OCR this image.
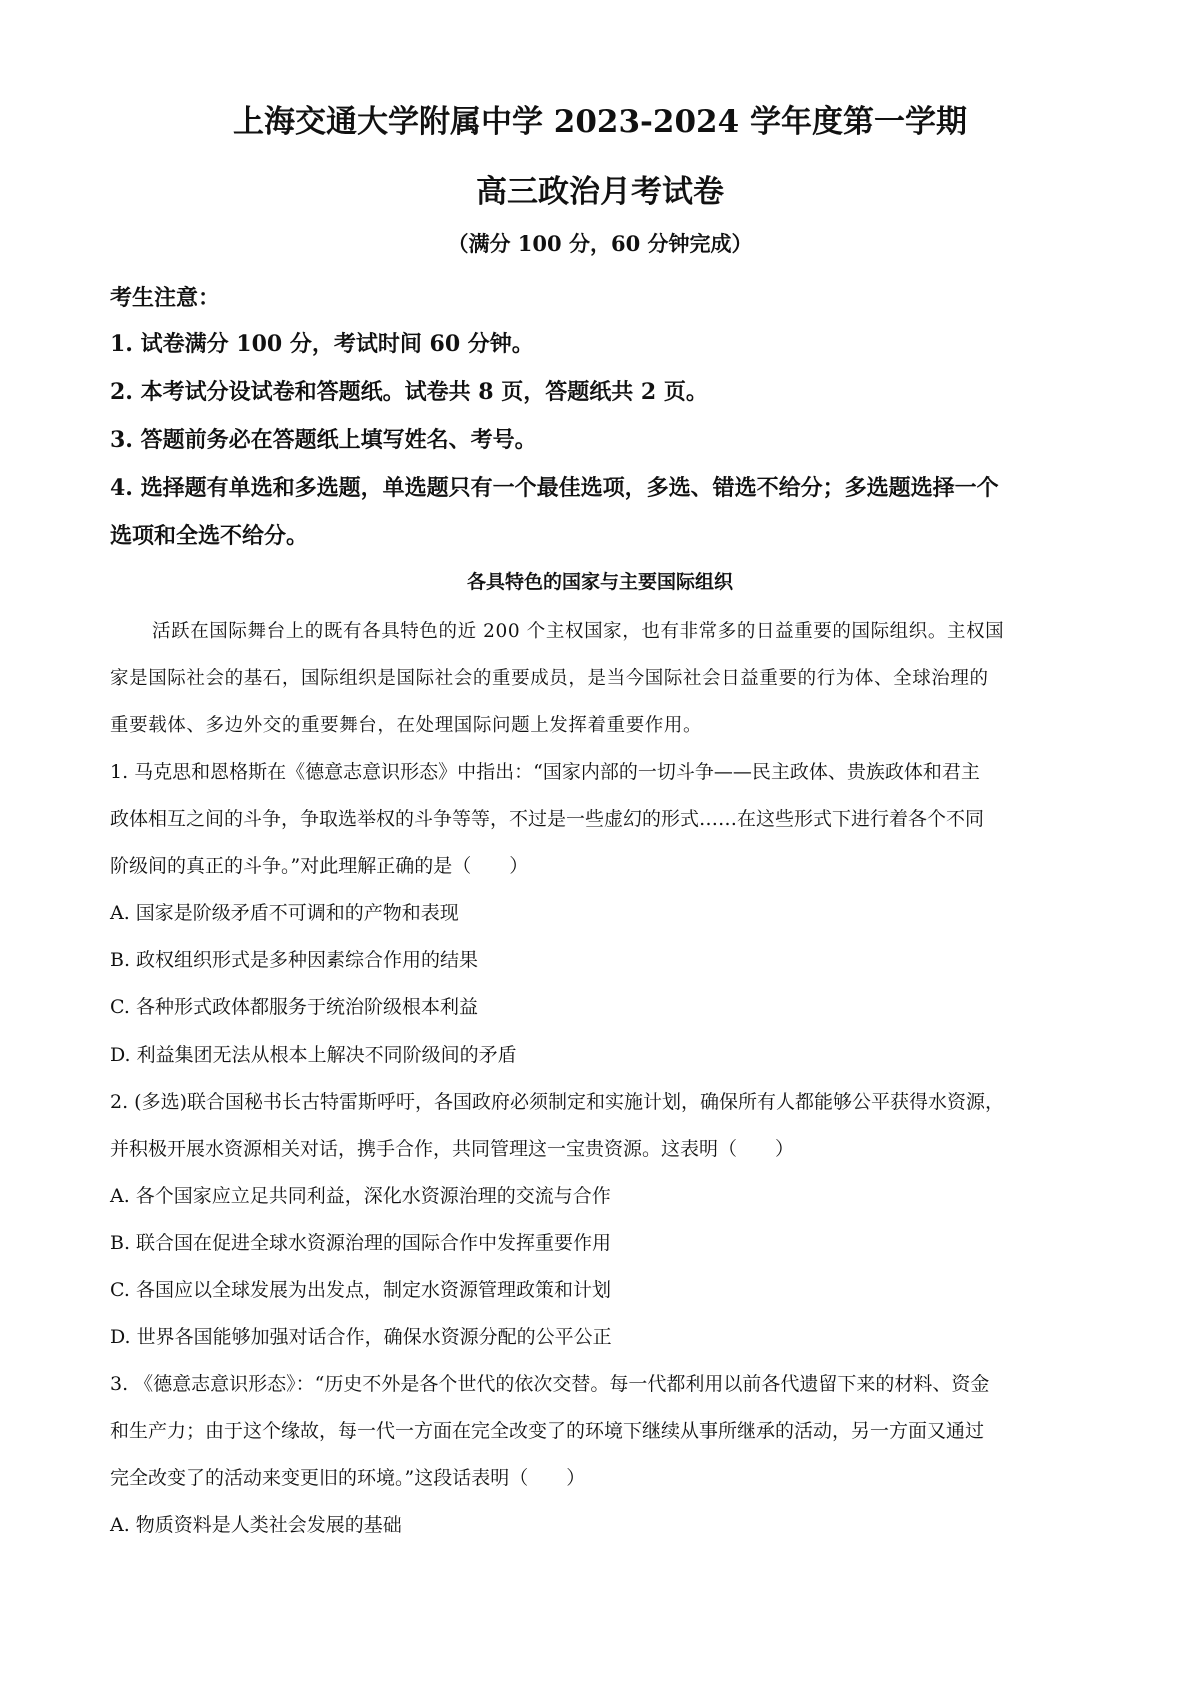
上海交通大学附属中学 2023-2024 学年度第一学期
高三政治月考试卷
（满分 100 分，60 分钟完成）
考生注意：
1. 试卷满分 100 分，考试时间 60 分钟。
2. 本考试分设试卷和答题纸。试卷共 8 页，答题纸共 2 页。
3. 答题前务必在答题纸上填写姓名、考号。
4. 选择题有单选和多选题，单选题只有一个最佳选项，多选、错选不给分；多选题选择一个
选项和全选不给分。
各具特色的国家与主要国际组织
活跃在国际舞台上的既有各具特色的近 200 个主权国家，也有非常多的日益重要的国际组织。主权国
家是国际社会的基石，国际组织是国际社会的重要成员，是当今国际社会日益重要的行为体、全球治理的
重要载体、多边外交的重要舞台，在处理国际问题上发挥着重要作用。
1. 马克思和恩格斯在《德意志意识形态》中指出：“国家内部的一切斗争——民主政体、贵族政体和君主
政体相互之间的斗争，争取选举权的斗争等等，不过是一些虚幻的形式……在这些形式下进行着各个不同
阶级间的真正的斗争。”对此理解正确的是（　　）
A. 国家是阶级矛盾不可调和的产物和表现
B. 政权组织形式是多种因素综合作用的结果
C. 各种形式政体都服务于统治阶级根本利益
D. 利益集团无法从根本上解决不同阶级间的矛盾
2. (多选)联合国秘书长古特雷斯呼吁，各国政府必须制定和实施计划，确保所有人都能够公平获得水资源，
并积极开展水资源相关对话，携手合作，共同管理这一宝贵资源。这表明（　　）
A. 各个国家应立足共同利益，深化水资源治理的交流与合作
B. 联合国在促进全球水资源治理的国际合作中发挥重要作用
C. 各国应以全球发展为出发点，制定水资源管理政策和计划
D. 世界各国能够加强对话合作，确保水资源分配的公平公正
3. 《德意志意识形态》：“历史不外是各个世代的依次交替。每一代都利用以前各代遗留下来的材料、资金
和生产力；由于这个缘故，每一代一方面在完全改变了的环境下继续从事所继承的活动，另一方面又通过
完全改变了的活动来变更旧的环境。”这段话表明（　　）
A. 物质资料是人类社会发展的基础
